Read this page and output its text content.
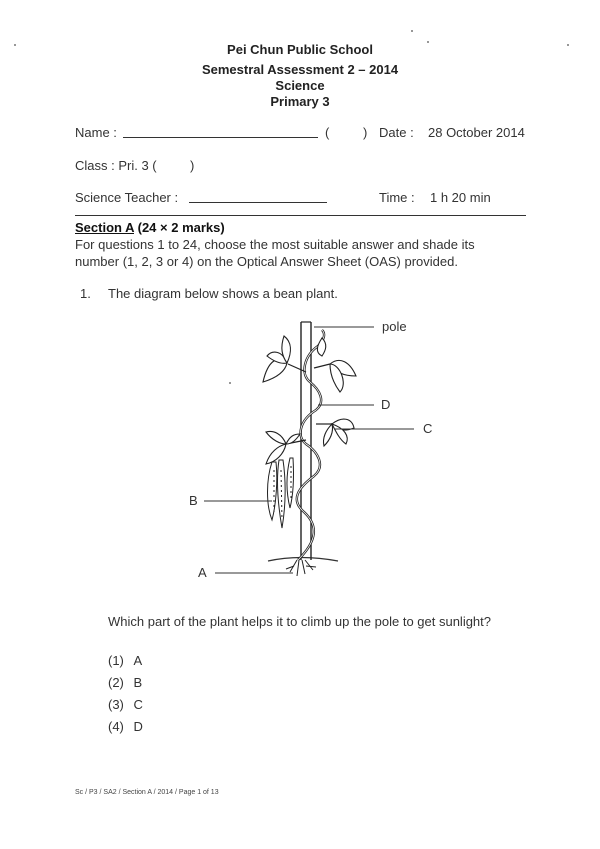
Pei Chun Public School
Semestral Assessment 2 – 2014
Science
Primary 3
Name :	(	) Date : 28 October 2014
Class : Pri. 3 (	)
Science Teacher :	Time : 1 h 20 min
Section A (24 × 2 marks)
For questions 1 to 24, choose the most suitable answer and shade its
number (1, 2, 3 or 4) on the Optical Answer Sheet (OAS) provided.
1. The diagram below shows a bean plant.
pole
D
C
B
A
Which part of the plant helps it to climb up the pole to get sunlight?
(1) A
(2) B
(3) C
(4) D
Sc / P3 / SA2 / Section A / 2014 / Page 1 of 13
